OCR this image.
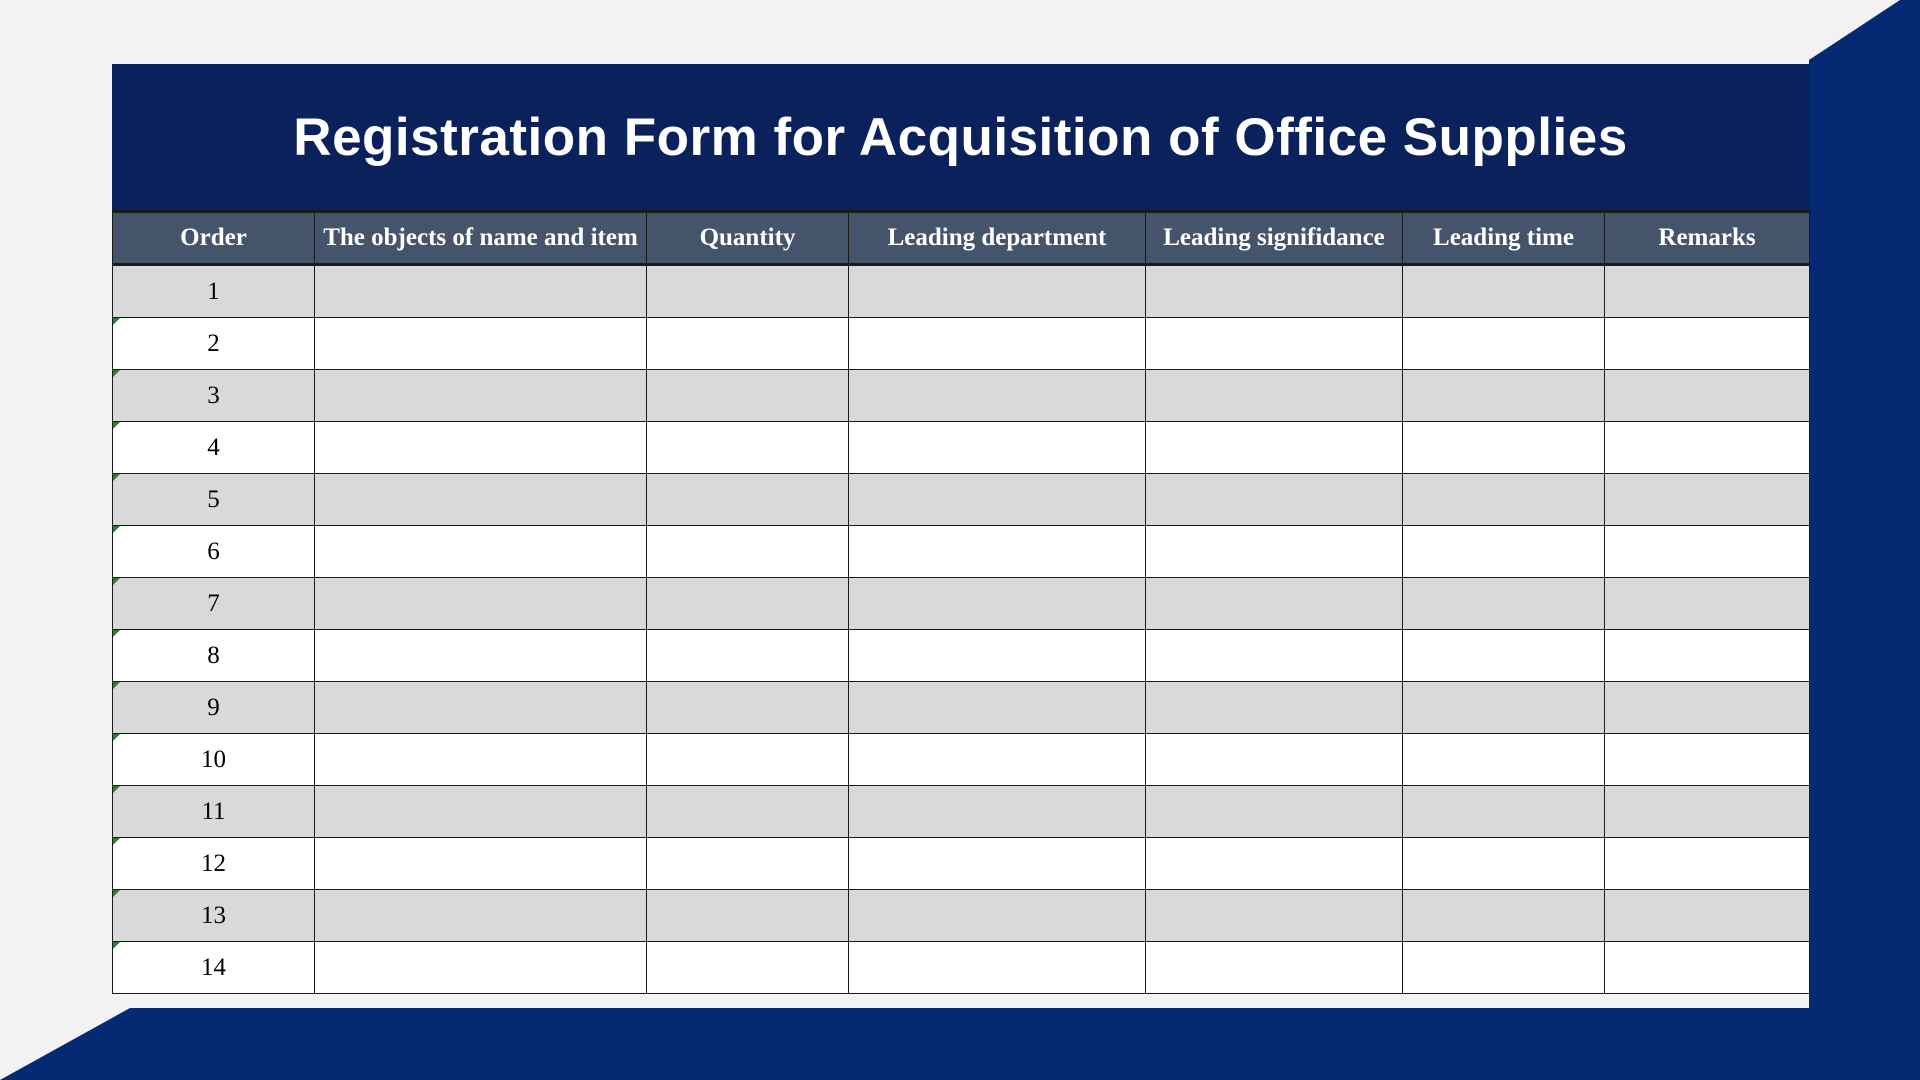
Registration Form for Acquisition of Office Supplies
Order	The objects of name and item	Quantity	Leading department	Leading signifidance	Leading time	Remarks
1						
2						
3						
4						
5						
6						
7						
8						
9						
10						
11						
12						
13						
14						
